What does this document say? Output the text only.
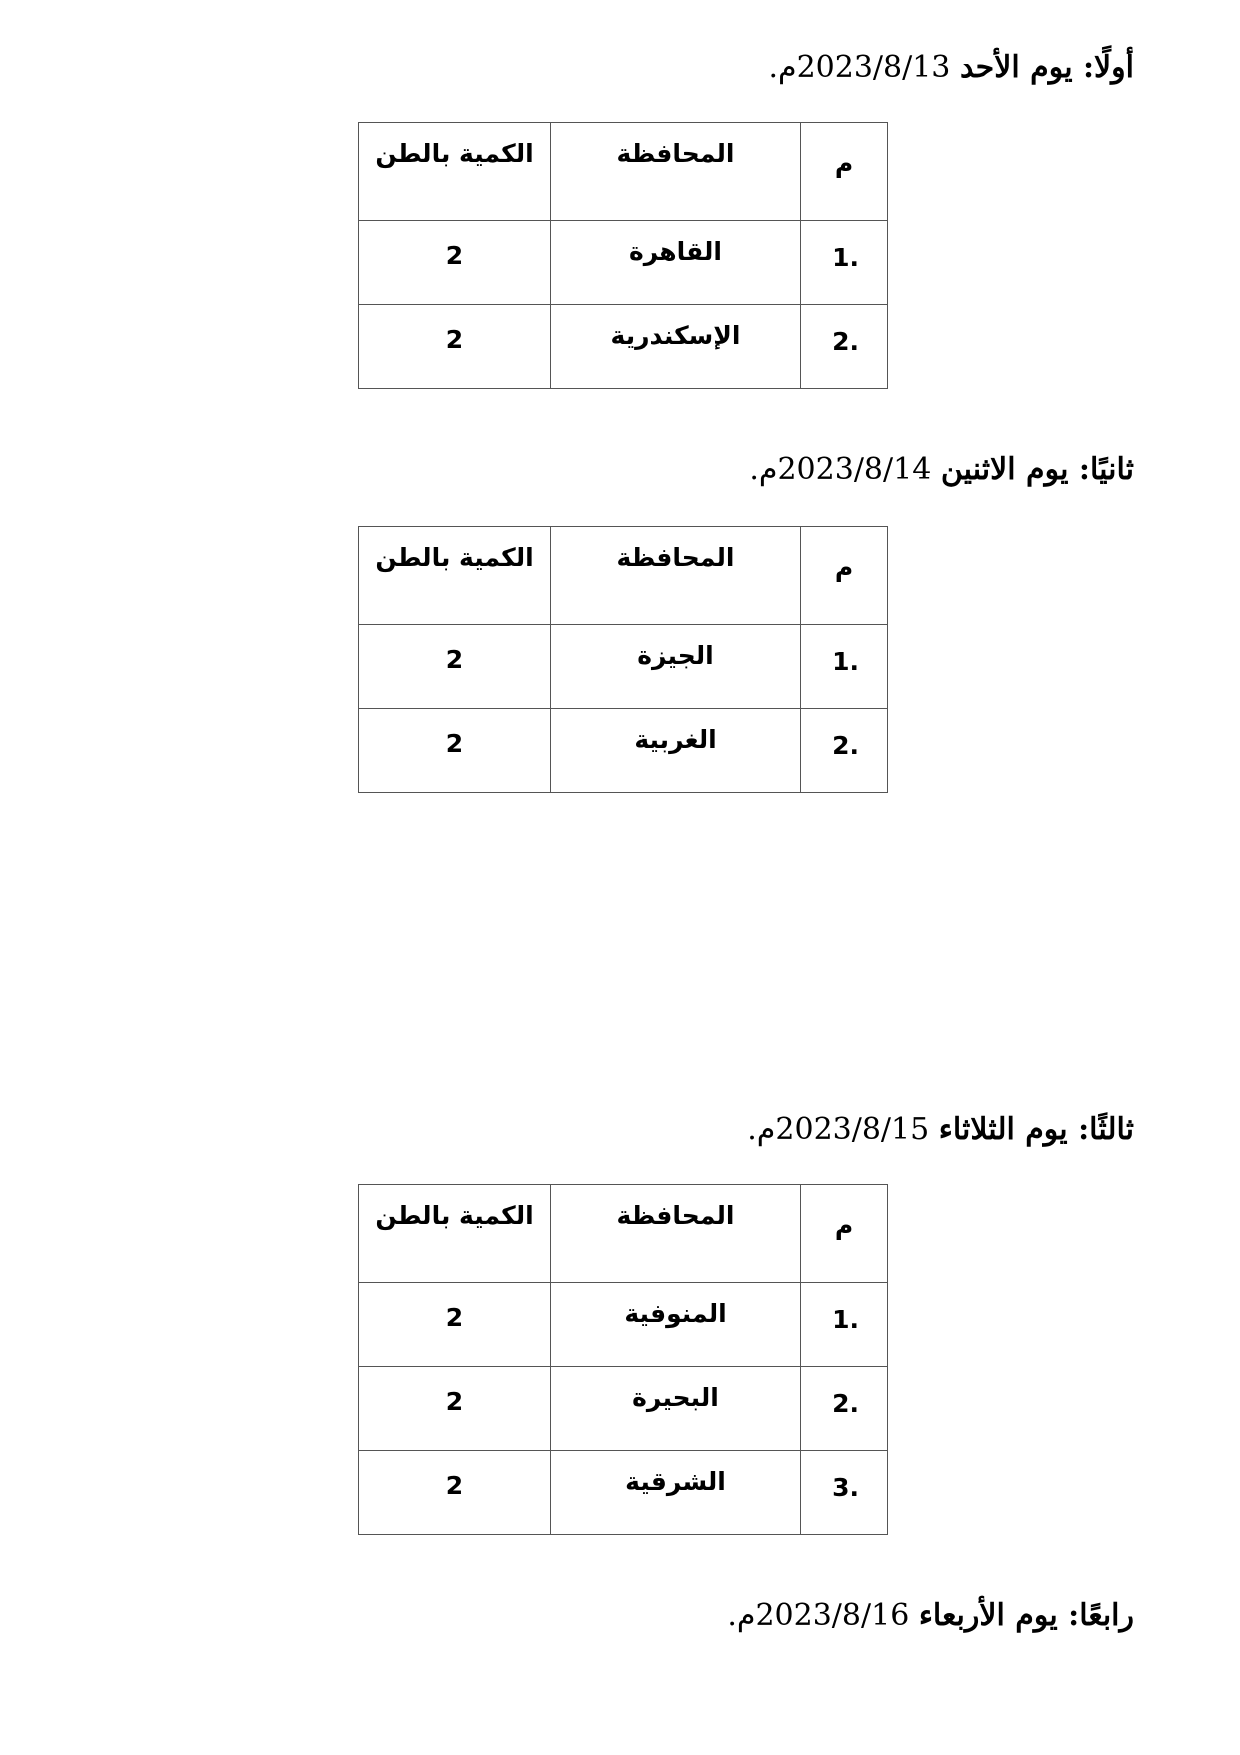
أولًا: يوم الأحد 2023/8/13م.
م	المحافظة	الكمية بالطن
1.	القاهرة	2
2.	الإسكندرية	2
ثانيًا: يوم الاثنين 2023/8/14م.
م	المحافظة	الكمية بالطن
1.	الجيزة	2
2.	الغربية	2
ثالثًا: يوم الثلاثاء 2023/8/15م.
م	المحافظة	الكمية بالطن
1.	المنوفية	2
2.	البحيرة	2
3.	الشرقية	2
رابعًا: يوم الأربعاء 2023/8/16م.
